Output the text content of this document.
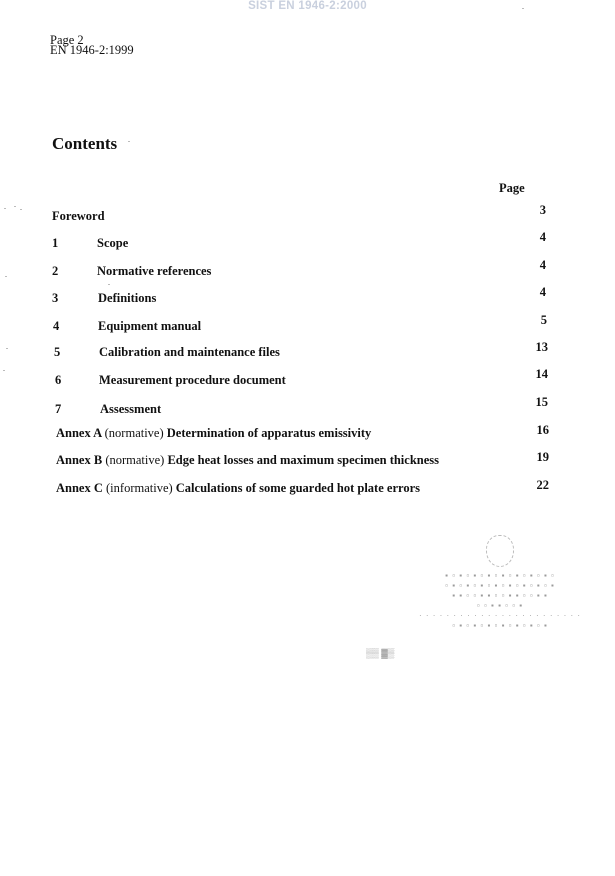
SIST EN 1946-2:2000
Page 2
EN 1946-2:1999
Contents
Page
Foreword	3
1	Scope	4
2	Normative references	4
3	Definitions	4
4	Equipment manual	5
5	Calibration and maintenance files	13
6	Measurement procedure document	14
7	Assessment	15
Annex A (normative) Determination of apparatus emissivity	16
Annex B (normative) Edge heat losses and maximum specimen thickness	19
Annex C (informative) Calculations of some guarded hot plate errors	22
▪ ▫ ▪ ▫ ▪ ▫ ▪ ▫ ▪ ▫ ▪ ▫ ▪ ▫ ▪ ▫
▫ ▪ ▫ ▪ ▫ ▪ ▫ ▪ ▫ ▪ ▫ ▪ ▫ ▪ ▫ ▪
▪ ▪ ▫ ▫ ▪ ▪ ▫ ▫ ▪ ▪ ▫ ▫ ▪ ▪
▫ ▫ ▪ ▪ ▫ ▫ ▪
· · · · · · · · · · · · · · · · · · · · · · · ·
▫ ▪ ▫ ▪ ▫ ▪ ▫ ▪ ▫ ▪ ▫ ▪ ▫ ▪
▒▒ ▓▒
